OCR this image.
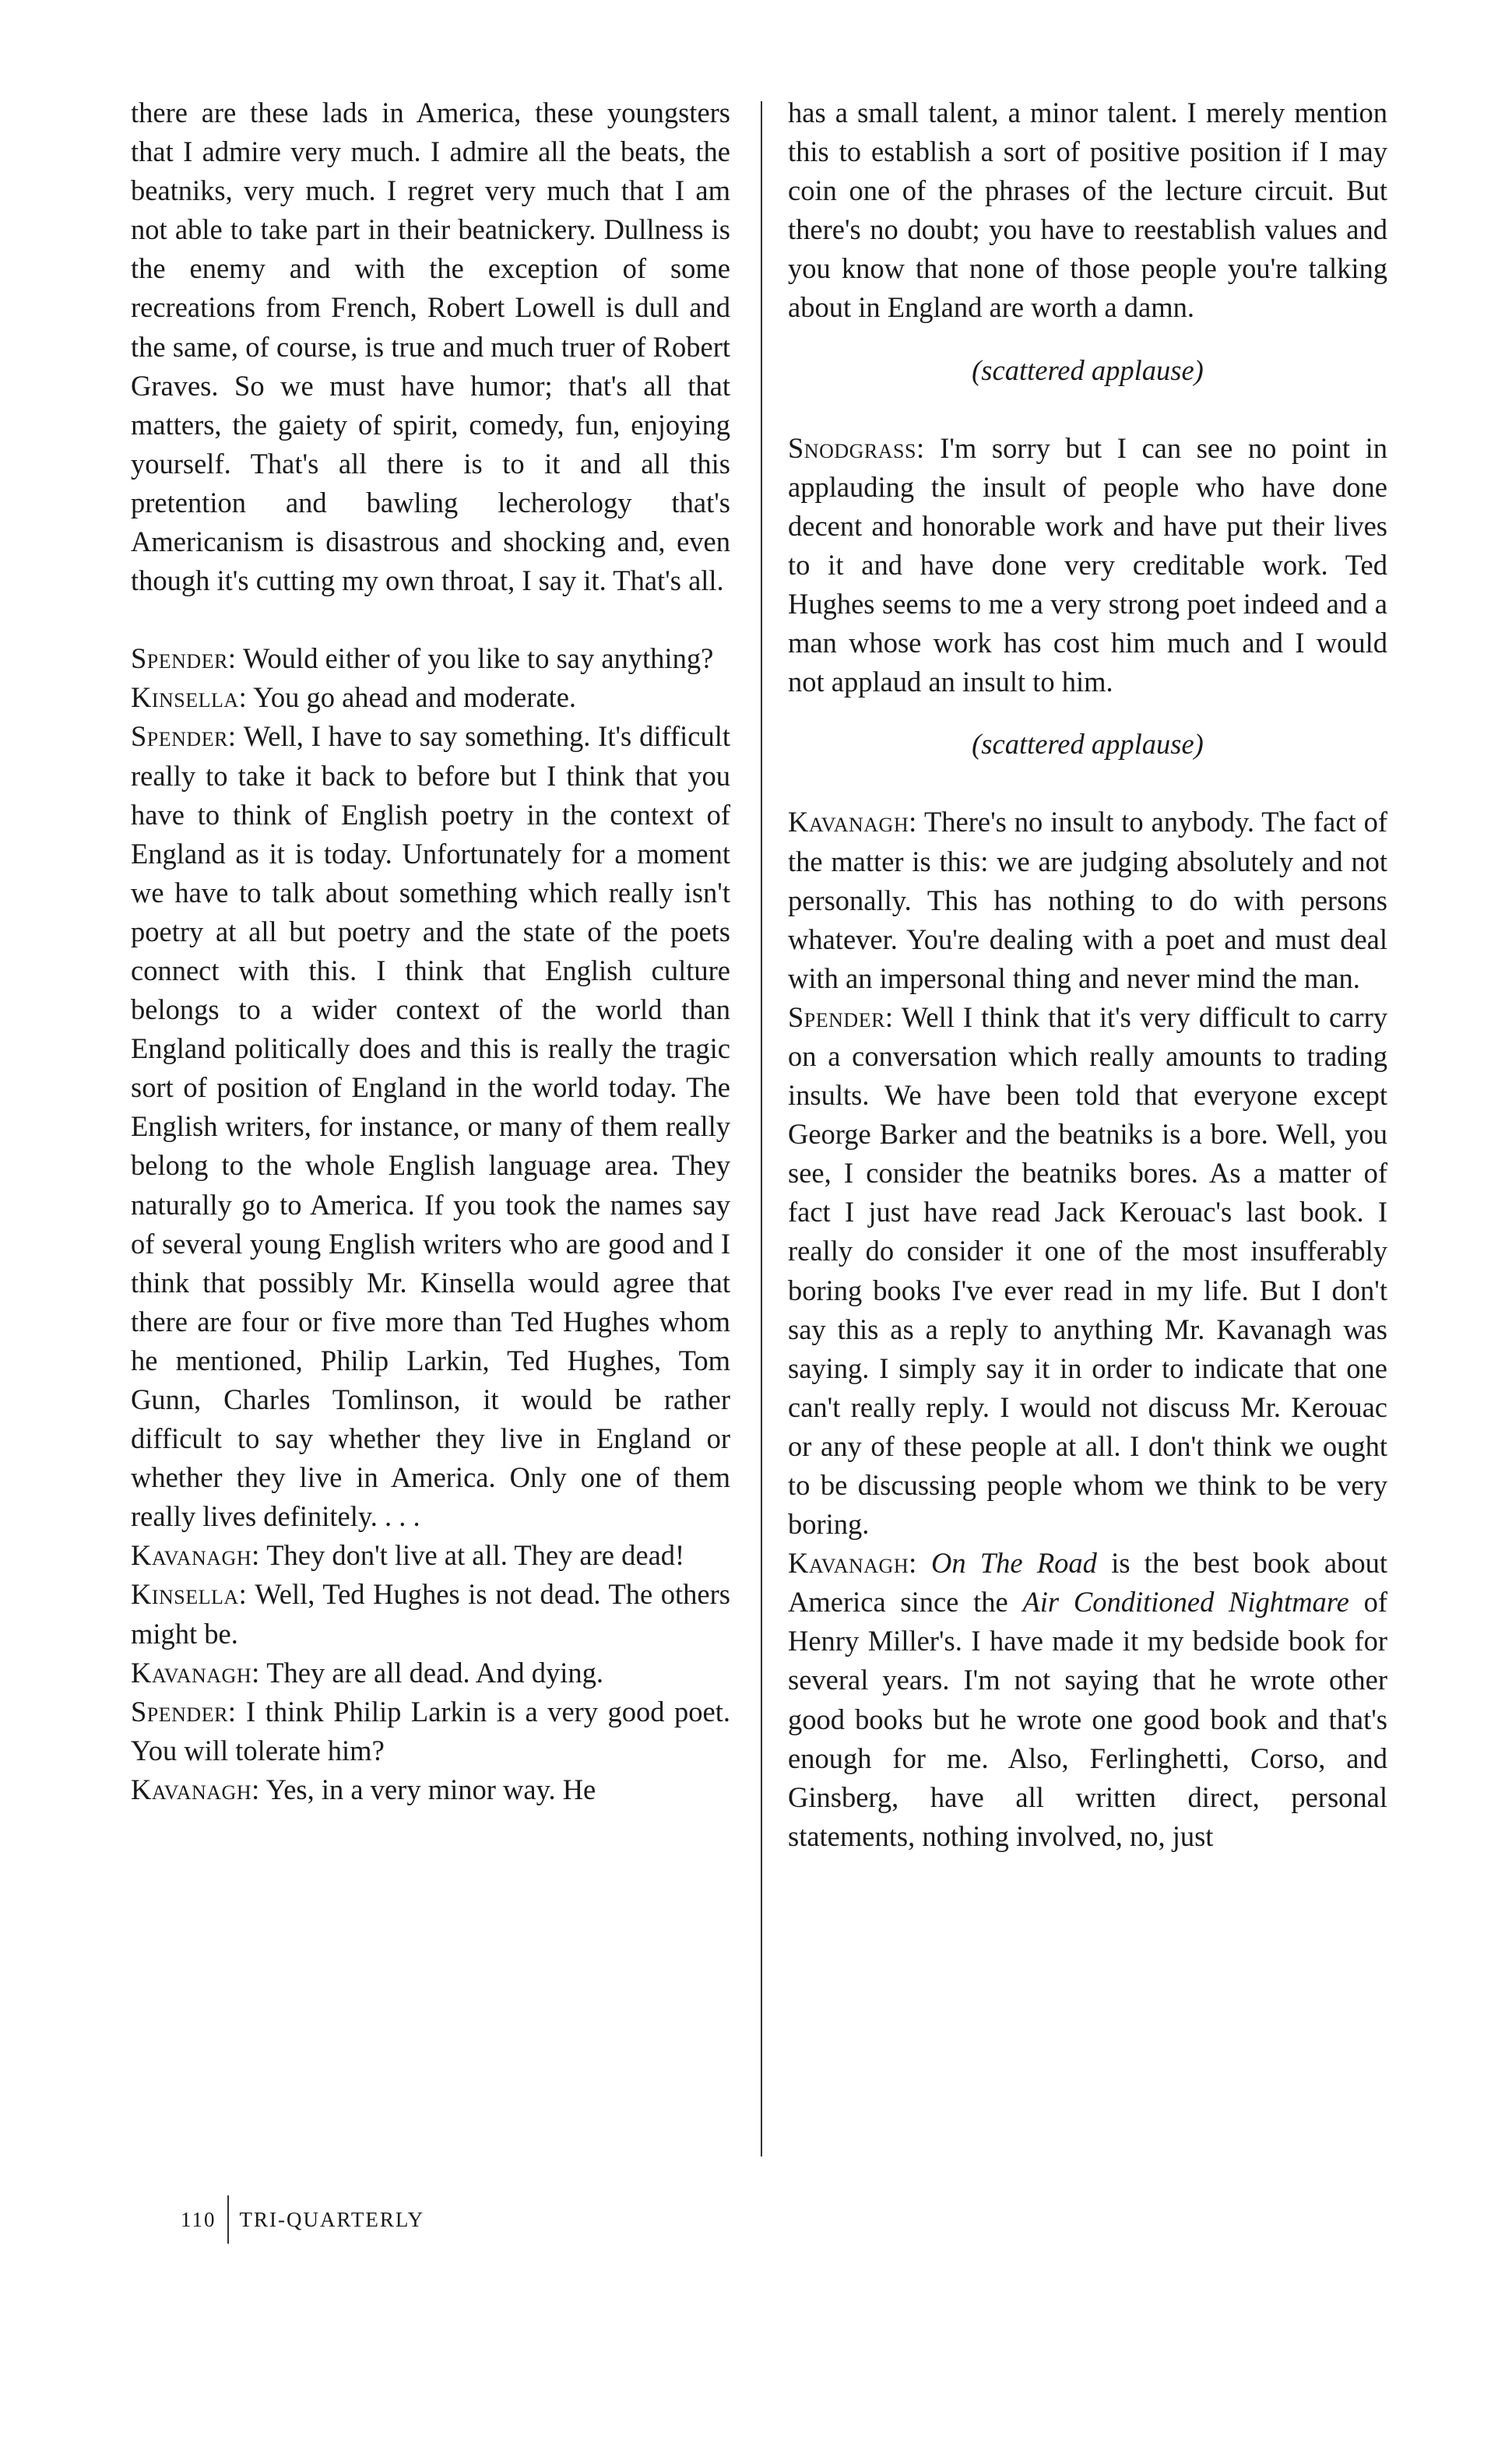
there are these lads in America, these youngsters that I admire very much. I admire all the beats, the beatniks, very much. I regret very much that I am not able to take part in their beatnickery. Dullness is the enemy and with the exception of some recreations from French, Robert Lowell is dull and the same, of course, is true and much truer of Robert Graves. So we must have humor; that's all that matters, the gaiety of spirit, comedy, fun, enjoying yourself. That's all there is to it and all this pretention and bawling lecherology that's Americanism is disastrous and shocking and, even though it's cutting my own throat, I say it. That's all.

Spender: Would either of you like to say anything?

Kinsella: You go ahead and moderate.

Spender: Well, I have to say something. It's difficult really to take it back to before but I think that you have to think of English poetry in the context of England as it is today. Unfortunately for a moment we have to talk about something which really isn't poetry at all but poetry and the state of the poets connect with this. I think that English culture belongs to a wider context of the world than England politically does and this is really the tragic sort of position of England in the world today. The English writers, for instance, or many of them really belong to the whole English language area. They naturally go to America. If you took the names say of several young English writers who are good and I think that possibly Mr. Kinsella would agree that there are four or five more than Ted Hughes whom he mentioned, Philip Larkin, Ted Hughes, Tom Gunn, Charles Tomlinson, it would be rather difficult to say whether they live in England or whether they live in America. Only one of them really lives definitely. . . .

Kavanagh: They don't live at all. They are dead!

Kinsella: Well, Ted Hughes is not dead. The others might be.

Kavanagh: They are all dead. And dying.

Spender: I think Philip Larkin is a very good poet. You will tolerate him?

Kavanagh: Yes, in a very minor way. He

has a small talent, a minor talent. I merely mention this to establish a sort of positive position if I may coin one of the phrases of the lecture circuit. But there's no doubt; you have to reestablish values and you know that none of those people you're talking about in England are worth a damn.

(scattered applause)

Snodgrass: I'm sorry but I can see no point in applauding the insult of people who have done decent and honorable work and have put their lives to it and have done very creditable work. Ted Hughes seems to me a very strong poet indeed and a man whose work has cost him much and I would not applaud an insult to him.

(scattered applause)

Kavanagh: There's no insult to anybody. The fact of the matter is this: we are judging absolutely and not personally. This has nothing to do with persons whatever. You're dealing with a poet and must deal with an impersonal thing and never mind the man.

Spender: Well I think that it's very difficult to carry on a conversation which really amounts to trading insults. We have been told that everyone except George Barker and the beatniks is a bore. Well, you see, I consider the beatniks bores. As a matter of fact I just have read Jack Kerouac's last book. I really do consider it one of the most insufferably boring books I've ever read in my life. But I don't say this as a reply to anything Mr. Kavanagh was saying. I simply say it in order to indicate that one can't really reply. I would not discuss Mr. Kerouac or any of these people at all. I don't think we ought to be discussing people whom we think to be very boring.

Kavanagh: On The Road is the best book about America since the Air Conditioned Nightmare of Henry Miller's. I have made it my bedside book for several years. I'm not saying that he wrote other good books but he wrote one good book and that's enough for me. Also, Ferlinghetti, Corso, and Ginsberg, have all written direct, personal statements, nothing involved, no, just

110 TRI-QUARTERLY
